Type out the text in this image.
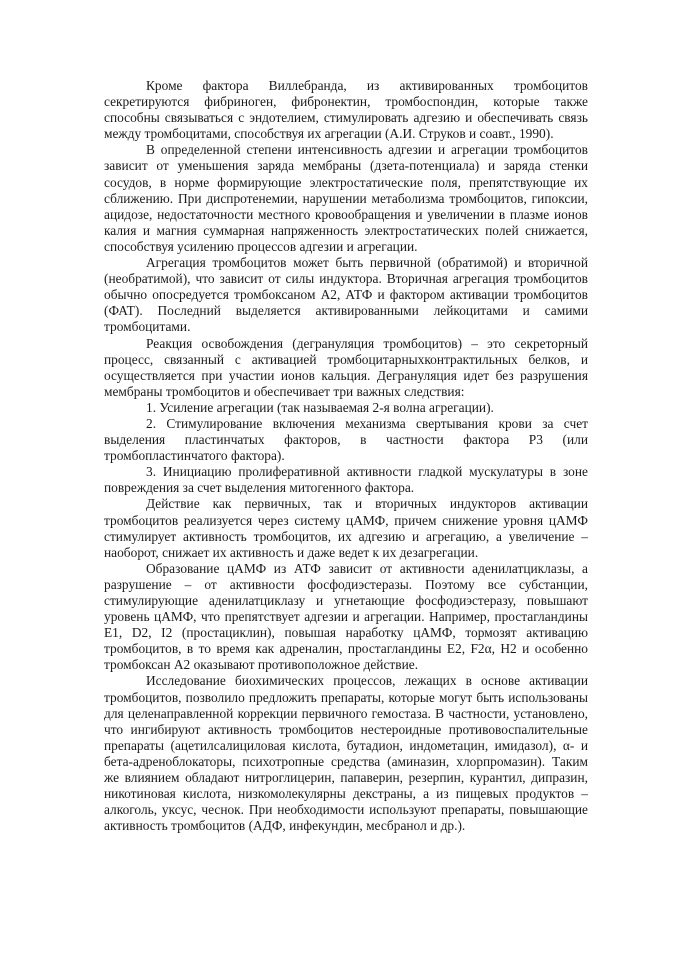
Кроме фактора Виллебранда, из активированных тромбоцитов секретируются фибриноген, фибронектин, тромбоспондин, которые также способны связываться с эндотелием, стимулировать адгезию и обеспечивать связь между тромбоцитами, способствуя их агрегации (А.И. Струков и соавт., 1990).

В определенной степени интенсивность адгезии и агрегации тромбоцитов зависит от уменьшения заряда мембраны (дзета-потенциала) и заряда стенки сосудов, в норме формирующие электростатические поля, препятствующие их сближению. При диспротенемии, нарушении метаболизма тромбоцитов, гипоксии, ацидозе, недостаточности местного кровообращения и увеличении в плазме ионов калия и магния суммарная напряженность электростатических полей снижается, способствуя усилению процессов адгезии и агрегации.

Агрегация тромбоцитов может быть первичной (обратимой) и вторичной (необратимой), что зависит от силы индуктора. Вторичная агрегация тромбоцитов обычно опосредуется тромбоксаном А2, АТФ и фактором активации тромбоцитов (ФАТ). Последний выделяется активированными лейкоцитами и самими тромбоцитами.

Реакция освобождения (дегрануляция тромбоцитов) – это секреторный процесс, связанный с активацией тромбоцитарныхконтрактильных белков, и осуществляется при участии ионов кальция. Дегрануляция идет без разрушения мембраны тромбоцитов и обеспечивает три важных следствия:

1. Усиление агрегации (так называемая 2-я волна агрегации).

2. Стимулирование включения механизма свертывания крови за счет выделения пластинчатых факторов, в частности фактора Р3 (или тромбопластинчатого фактора).

3. Инициацию пролиферативной активности гладкой мускулатуры в зоне повреждения за счет выделения митогенного фактора.

Действие как первичных, так и вторичных индукторов активации тромбоцитов реализуется через систему цАМФ, причем снижение уровня цАМФ стимулирует активность тромбоцитов, их адгезию и агрегацию, а увеличение – наоборот, снижает их активность и даже ведет к их дезагрегации.

Образование цАМФ из АТФ зависит от активности аденилатциклазы, а разрушение – от активности фосфодиэстеразы. Поэтому все субстанции, стимулирующие аденилатциклазу и угнетающие фосфодиэстеразу, повышают уровень цАМФ, что препятствует адгезии и агрегации. Например, простагландины Е1, D2, I2 (простациклин), повышая наработку цАМФ, тормозят активацию тромбоцитов, в то время как адреналин, простагландины Е2, F2α, Н2 и особенно тромбоксан А2 оказывают противоположное действие.

Исследование биохимических процессов, лежащих в основе активации тромбоцитов, позволило предложить препараты, которые могут быть использованы для целенаправленной коррекции первичного гемостаза. В частности, установлено, что ингибируют активность тромбоцитов нестероидные противовоспалительные препараты (ацетилсалициловая кислота, бутадион, индометацин, имидазол), α- и бета-адреноблокаторы, психотропные средства (аминазин, хлорпромазин). Таким же влиянием обладают нитроглицерин, папаверин, резерпин, курантил, дипразин, никотиновая кислота, низкомолекулярны декстраны, а из пищевых продуктов – алкоголь, уксус, чеснок. При необходимости используют препараты, повышающие активность тромбоцитов (АДФ, инфекундин, месбранол и др.).
